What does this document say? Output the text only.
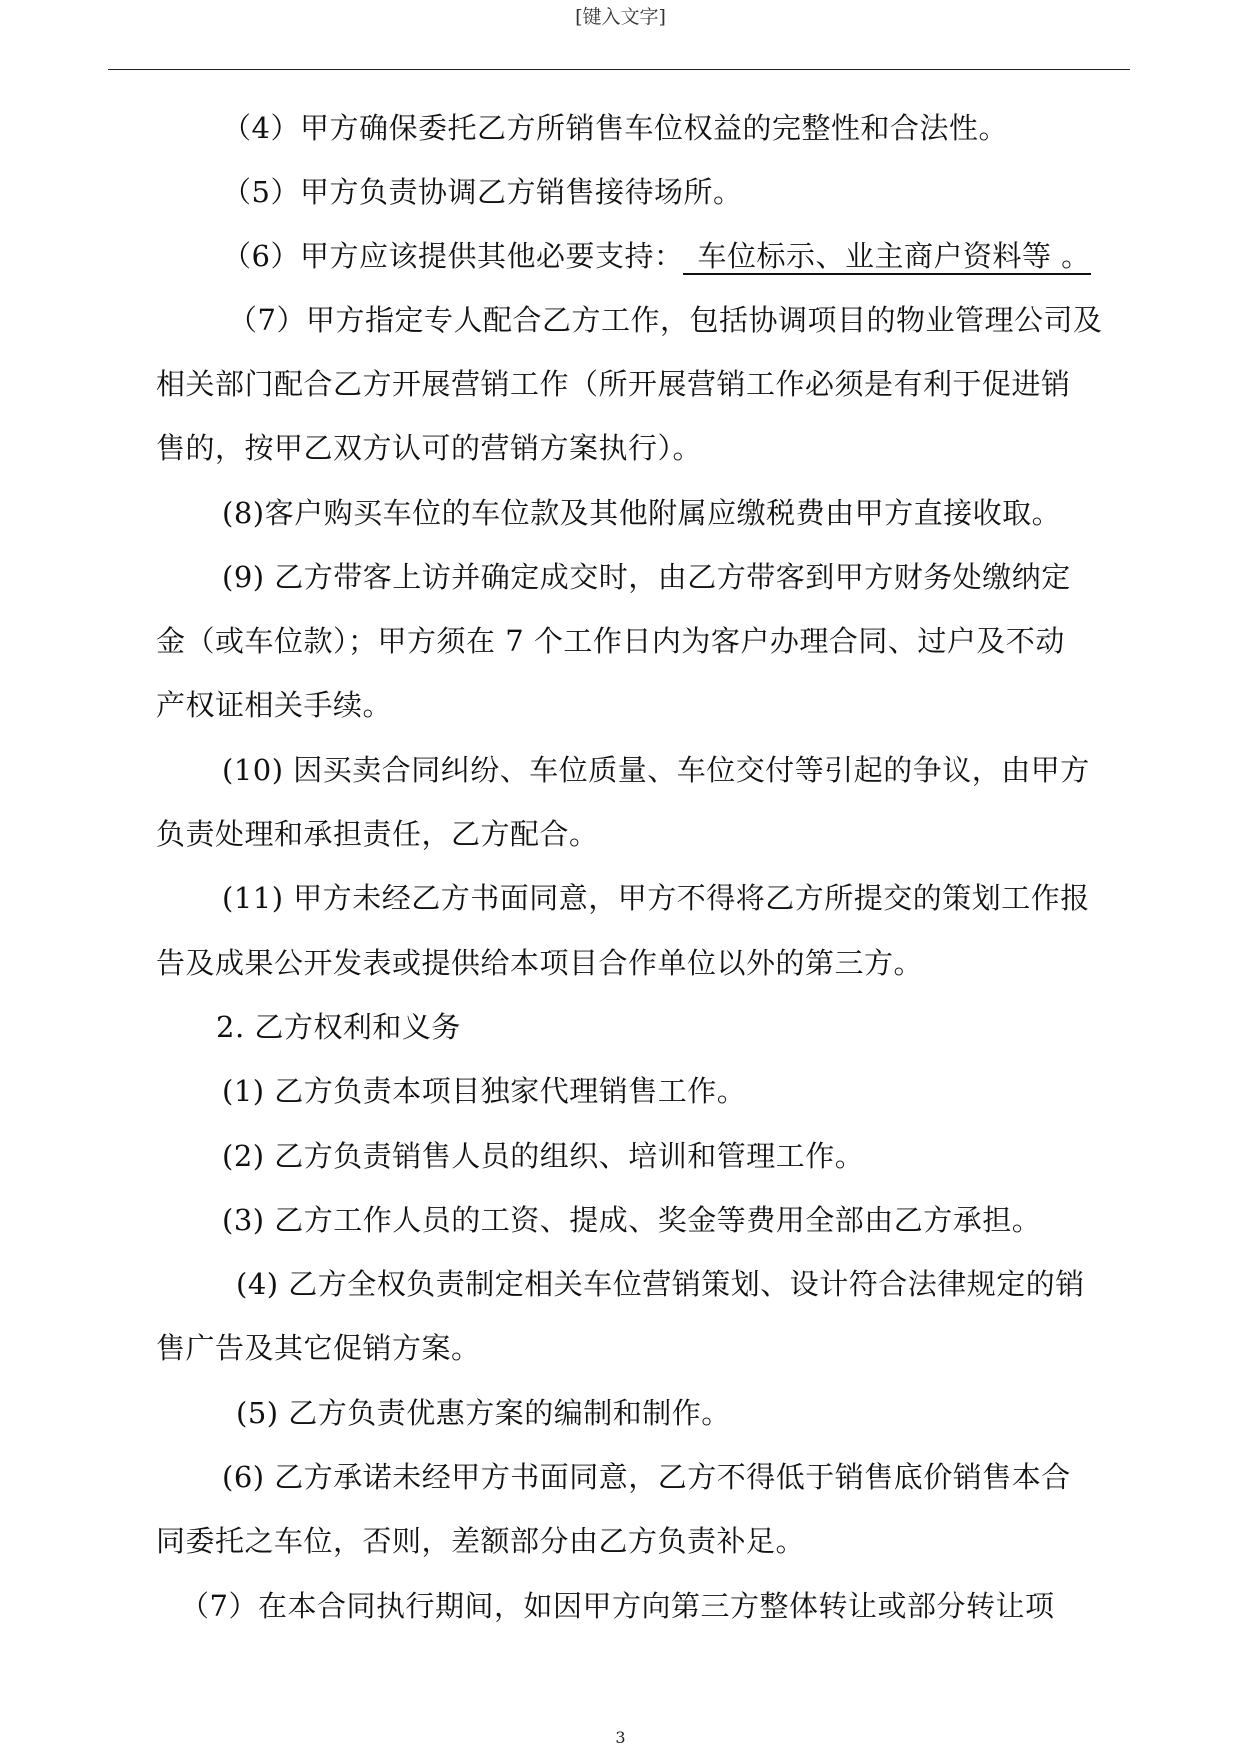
[键入文字]
（4）甲方确保委托乙方所销售车位权益的完整性和合法性。
（5）甲方负责协调乙方销售接待场所。
（6）甲方应该提供其他必要支持： 车位标示、业主商户资料等 。
（7）甲方指定专人配合乙方工作，包括协调项目的物业管理公司及
相关部门配合乙方开展营销工作（所开展营销工作必须是有利于促进销
售的，按甲乙双方认可的营销方案执行）。
(8)客户购买车位的车位款及其他附属应缴税费由甲方直接收取。
(9) 乙方带客上访并确定成交时，由乙方带客到甲方财务处缴纳定
金（或车位款）；甲方须在 7 个工作日内为客户办理合同、过户及不动
产权证相关手续。
(10) 因买卖合同纠纷、车位质量、车位交付等引起的争议，由甲方
负责处理和承担责任，乙方配合。
(11) 甲方未经乙方书面同意，甲方不得将乙方所提交的策划工作报
告及成果公开发表或提供给本项目合作单位以外的第三方。
2. 乙方权利和义务
(1) 乙方负责本项目独家代理销售工作。
(2) 乙方负责销售人员的组织、培训和管理工作。
(3) 乙方工作人员的工资、提成、奖金等费用全部由乙方承担。
(4) 乙方全权负责制定相关车位营销策划、设计符合法律规定的销
售广告及其它促销方案。
(5) 乙方负责优惠方案的编制和制作。
(6) 乙方承诺未经甲方书面同意，乙方不得低于销售底价销售本合
同委托之车位，否则，差额部分由乙方负责补足。
（7）在本合同执行期间，如因甲方向第三方整体转让或部分转让项
3
